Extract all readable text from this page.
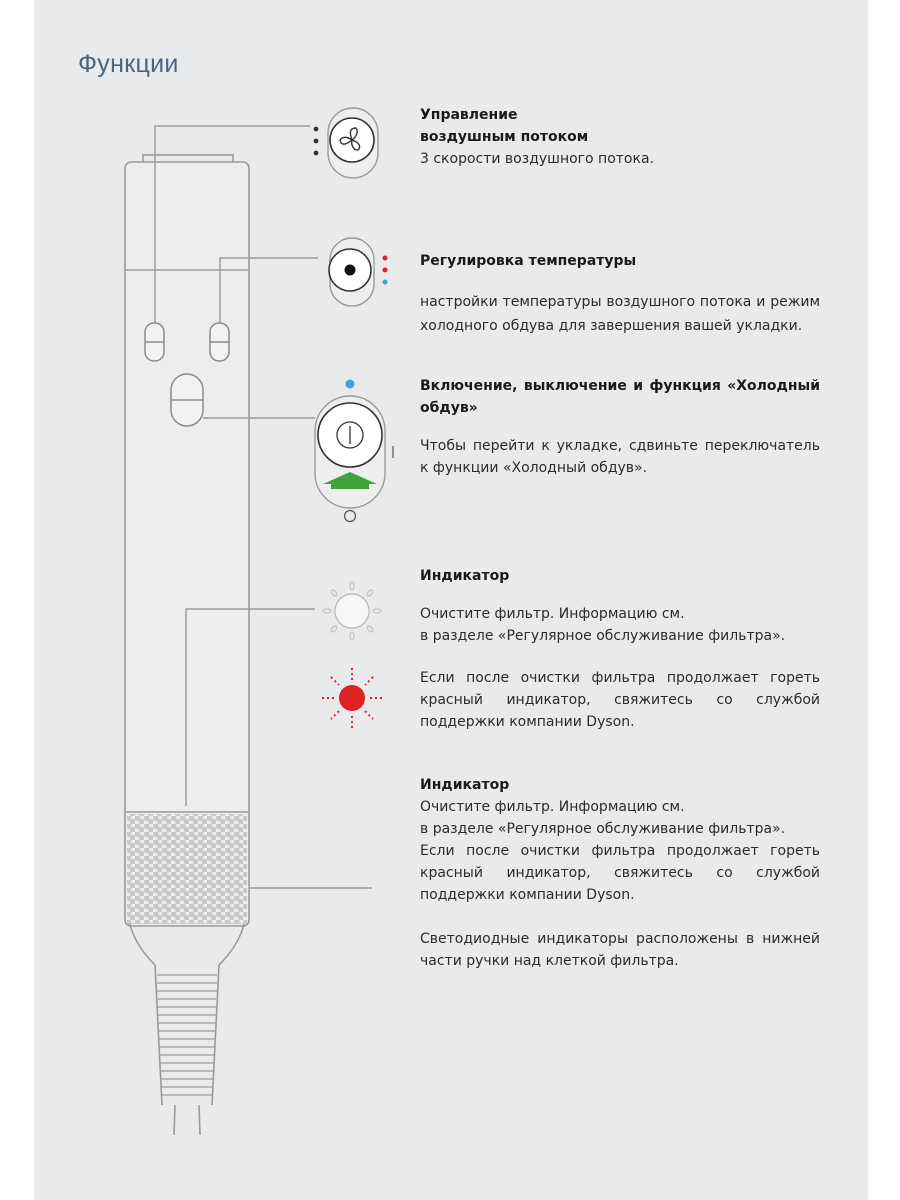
Функции
Управление
воздушным потоком
3 скорости воздушного потока.
Регулировка температуры

настройки температуры воздушного потока и режим холодного обдува для завершения вашей укладки.

Включение, выключение и функция «Холодный обдув»

Чтобы перейти к укладке, сдвиньте переключатель к функции «Холодный обдув».

Индикатор
Очистите фильтр. Информацию см.
в разделе «Регулярное обслуживание фильтра».

Если после очистки фильтра продолжает гореть красный индикатор, свяжитесь со службой поддержки компании Dyson.

Индикатор
Очистите фильтр. Информацию см.
в разделе «Регулярное обслуживание фильтра».

Если после очистки фильтра продолжает гореть красный индикатор, свяжитесь со службой поддержки компании Dyson.

Светодиодные индикаторы расположены в нижней части ручки над клеткой фильтра.
